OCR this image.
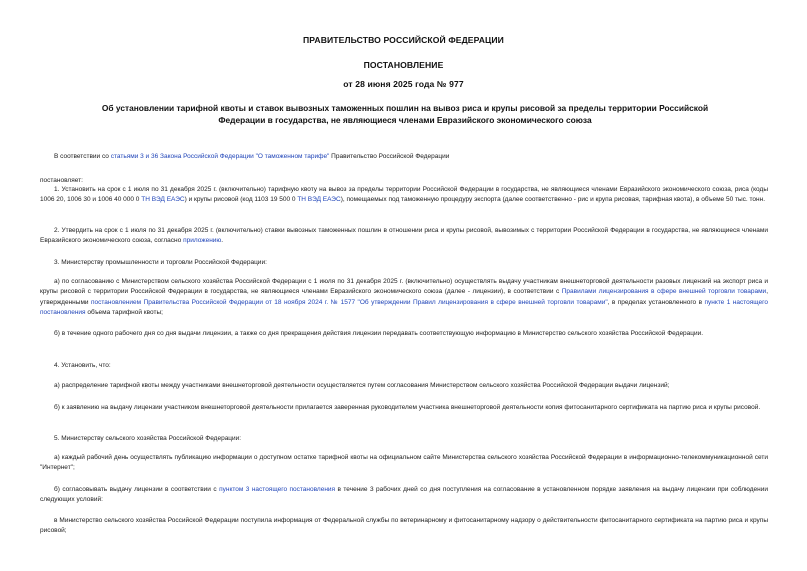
ПРАВИТЕЛЬСТВО РОССИЙСКОЙ ФЕДЕРАЦИИ
ПОСТАНОВЛЕНИЕ
от 28 июня 2025 года № 977
Об установлении тарифной квоты и ставок вывозных таможенных пошлин на вывоз риса и крупы рисовой за пределы территории Российской Федерации в государства, не являющиеся членами Евразийского экономического союза
В соответствии со статьями 3 и 36 Закона Российской Федерации "О таможенном тарифе" Правительство Российской Федерации
постановляет:
1. Установить на срок с 1 июля по 31 декабря 2025 г. (включительно) тарифную квоту на вывоз за пределы территории Российской Федерации в государства, не являющиеся членами Евразийского экономического союза, риса (коды 1006 20, 1006 30 и 1006 40 000 0 ТН ВЭД ЕАЭС) и крупы рисовой (код 1103 19 500 0 ТН ВЭД ЕАЭС), помещаемых под таможенную процедуру экспорта (далее соответственно - рис и крупа рисовая, тарифная квота), в объеме 50 тыс. тонн.
2. Утвердить на срок с 1 июля по 31 декабря 2025 г. (включительно) ставки вывозных таможенных пошлин в отношении риса и крупы рисовой, вывозимых с территории Российской Федерации в государства, не являющиеся членами Евразийского экономического союза, согласно приложению.
3. Министерству промышленности и торговли Российской Федерации:
а) по согласованию с Министерством сельского хозяйства Российской Федерации с 1 июля по 31 декабря 2025 г. (включительно) осуществлять выдачу участникам внешнеторговой деятельности разовых лицензий на экспорт риса и крупы рисовой с территории Российской Федерации в государства, не являющиеся членами Евразийского экономического союза (далее - лицензии), в соответствии с Правилами лицензирования в сфере внешней торговли товарами, утвержденными постановлением Правительства Российской Федерации от 18 ноября 2024 г. № 1577 "Об утверждении Правил лицензирования в сфере внешней торговли товарами", в пределах установленного в пункте 1 настоящего постановления объема тарифной квоты;
б) в течение одного рабочего дня со дня выдачи лицензии, а также со дня прекращения действия лицензии передавать соответствующую информацию в Министерство сельского хозяйства Российской Федерации.
4. Установить, что:
а) распределение тарифной квоты между участниками внешнеторговой деятельности осуществляется путем согласования Министерством сельского хозяйства Российской Федерации выдачи лицензий;
б) к заявлению на выдачу лицензии участником внешнеторговой деятельности прилагается заверенная руководителем участника внешнеторговой деятельности копия фитосанитарного сертификата на партию риса и крупы рисовой.
5. Министерству сельского хозяйства Российской Федерации:
а) каждый рабочий день осуществлять публикацию информации о доступном остатке тарифной квоты на официальном сайте Министерства сельского хозяйства Российской Федерации в информационно-телекоммуникационной сети "Интернет";
б) согласовывать выдачу лицензии в соответствии с пунктом 3 настоящего постановления в течение 3 рабочих дней со дня поступления на согласование в установленном порядке заявления на выдачу лицензии при соблюдении следующих условий:
в Министерство сельского хозяйства Российской Федерации поступила информация от Федеральной службы по ветеринарному и фитосанитарному надзору о действительности фитосанитарного сертификата на партию риса и крупы рисовой;
